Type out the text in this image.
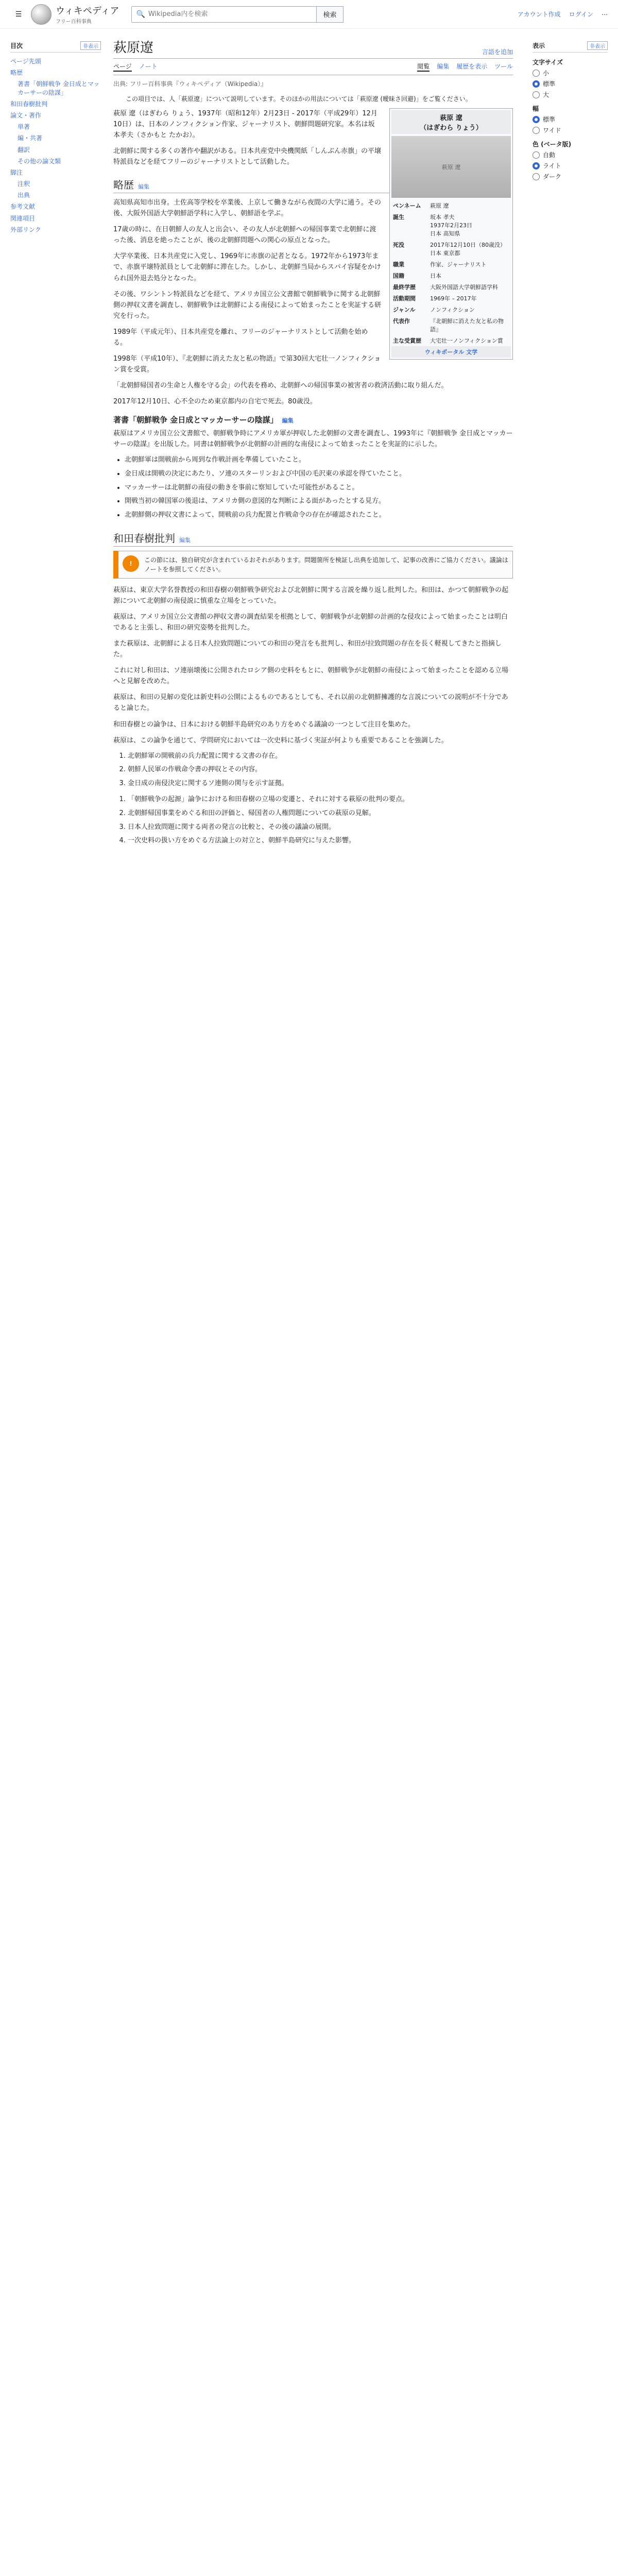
☰	ウィキペディア
フリー百科事典
🔍
Wikipedia内を検索	検索	アカウント作成 ログイン ⋯
目次	非表示
ページ先頭
略歴
著書「朝鮮戦争 金日成とマッカーサーの陰謀」
和田春樹批判
論文・著作
単著
編・共著
翻訳
その他の論文類
脚注
注釈
出典
参考文献
関連項目
外部リンク
萩原遼	言語を追加
ページ ノート	閲覧 編集 履歴を表示 ツール
出典: フリー百科事典『ウィキペディア（Wikipedia）』
この項目では、人「萩原遼」について説明しています。そのほかの用法については「萩原遼 (曖昧さ回避)」をご覧ください。
萩原 遼
（はぎわら りょう）
萩原 遼
ペンネーム	萩原 遼
誕生	坂本 孝夫
1937年2月23日
日本 高知県
死没	2017年12月10日（80歳没）
日本 東京都
職業	作家、ジャーナリスト
国籍	日本
最終学歴	大阪外国語大学朝鮮語学科
活動期間	1969年 – 2017年
ジャンル	ノンフィクション
代表作	『北朝鮮に消えた友と私の物語』
主な受賞歴	大宅壮一ノンフィクション賞
ウィキポータル 文学

萩原 遼（はぎわら りょう、1937年（昭和12年）2月23日 - 2017年（平成29年）12月10日）は、日本のノンフィクション作家、ジャーナリスト、朝鮮問題研究家。本名は坂本孝夫（さかもと たかお）。

北朝鮮に関する多くの著作や翻訳がある。日本共産党中央機関紙「しんぶん赤旗」の平壌特派員などを経てフリーのジャーナリストとして活動した。

略歴 編集

高知県高知市出身。土佐高等学校を卒業後、上京して働きながら夜間の大学に通う。その後、大阪外国語大学朝鮮語学科に入学し、朝鮮語を学ぶ。

17歳の時に、在日朝鮮人の友人と出会い、その友人が北朝鮮への帰国事業で北朝鮮に渡った後、消息を絶ったことが、後の北朝鮮問題への関心の原点となった。

大学卒業後、日本共産党に入党し、1969年に赤旗の記者となる。1972年から1973年まで、赤旗平壌特派員として北朝鮮に滞在した。しかし、北朝鮮当局からスパイ容疑をかけられ国外退去処分となった。

その後、ワシントン特派員などを経て、アメリカ国立公文書館で朝鮮戦争に関する北朝鮮側の押収文書を調査し、朝鮮戦争は北朝鮮による南侵によって始まったことを実証する研究を行った。

1989年（平成元年）、日本共産党を離れ、フリーのジャーナリストとして活動を始める。

1998年（平成10年）、『北朝鮮に消えた友と私の物語』で第30回大宅壮一ノンフィクション賞を受賞。

「北朝鮮帰国者の生命と人権を守る会」の代表を務め、北朝鮮への帰国事業の被害者の救済活動に取り組んだ。

2017年12月10日、心不全のため東京都内の自宅で死去。80歳没。

著書「朝鮮戦争 金日成とマッカーサーの陰謀」 編集

萩原はアメリカ国立公文書館で、朝鮮戦争時にアメリカ軍が押収した北朝鮮の文書を調査し、1993年に『朝鮮戦争 金日成とマッカーサーの陰謀』を出版した。同書は朝鮮戦争が北朝鮮の計画的な南侵によって始まったことを実証的に示した。

• 北朝鮮軍は開戦前から周到な作戦計画を準備していたこと。
• 金日成は開戦の決定にあたり、ソ連のスターリンおよび中国の毛沢東の承認を得ていたこと。
• マッカーサーは北朝鮮の南侵の動きを事前に察知していた可能性があること。
• 開戦当初の韓国軍の後退は、アメリカ側の意図的な判断による面があったとする見方。
• 北朝鮮側の押収文書によって、開戦前の兵力配置と作戦命令の存在が確認されたこと。
和田春樹批判 編集
!	この節には、独自研究が含まれているおそれがあります。問題箇所を検証し出典を追加して、記事の改善にご協力ください。議論はノートを参照してください。

萩原は、東京大学名誉教授の和田春樹の朝鮮戦争研究および北朝鮮に関する言説を繰り返し批判した。和田は、かつて朝鮮戦争の起源について北朝鮮の南侵説に慎重な立場をとっていた。

萩原は、アメリカ国立公文書館の押収文書の調査結果を根拠として、朝鮮戦争が北朝鮮の計画的な侵攻によって始まったことは明白であると主張し、和田の研究姿勢を批判した。

また萩原は、北朝鮮による日本人拉致問題についての和田の発言をも批判し、和田が拉致問題の存在を長く軽視してきたと指摘した。

これに対し和田は、ソ連崩壊後に公開されたロシア側の史料をもとに、朝鮮戦争が北朝鮮の南侵によって始まったことを認める立場へと見解を改めた。

萩原は、和田の見解の変化は新史料の公開によるものであるとしても、それ以前の北朝鮮擁護的な言説についての説明が不十分であると論じた。

和田春樹との論争は、日本における朝鮮半島研究のあり方をめぐる議論の一つとして注目を集めた。

萩原は、この論争を通じて、学問研究においては一次史料に基づく実証が何よりも重要であることを強調した。

1. 北朝鮮軍の開戦前の兵力配置に関する文書の存在。
2. 朝鮮人民軍の作戦命令書の押収とその内容。
3. 金日成の南侵決定に関するソ連側の関与を示す証拠。
1. 「朝鮮戦争の起源」論争における和田春樹の立場の変遷と、それに対する萩原の批判の要点。
2. 北朝鮮帰国事業をめぐる和田の評価と、帰国者の人権問題についての萩原の見解。
3. 日本人拉致問題に関する両者の発言の比較と、その後の議論の展開。
4. 一次史料の扱い方をめぐる方法論上の対立と、朝鮮半島研究に与えた影響。
表示	非表示
文字サイズ
小
標準
大
幅
標準
ワイド
色 (ベータ版)
自動
ライト
ダーク
